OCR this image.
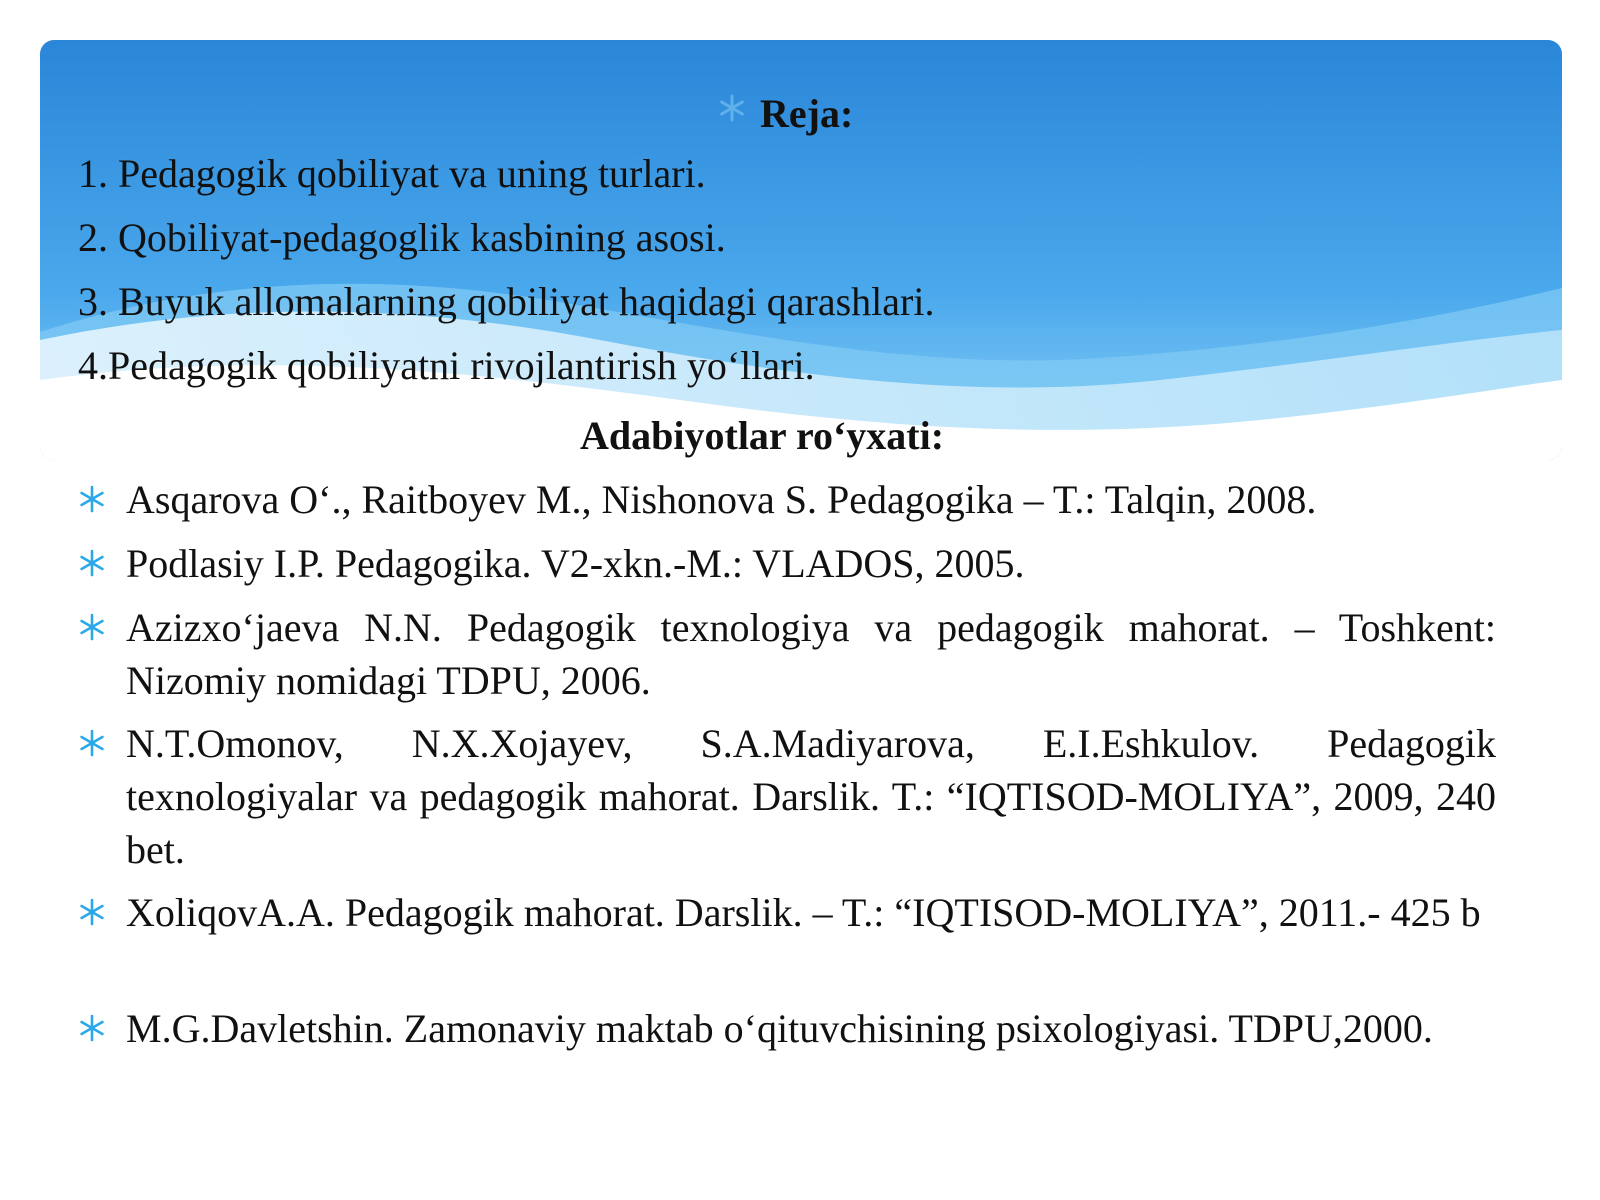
Reja:

1. Pedagogik qobiliyat va uning turlari.

2. Qobiliyat-pedagoglik kasbining asosi.

3. Buyuk allomalarning qobiliyat haqidagi qarashlari.

4.Pedagogik qobiliyatni rivojlantirish yo‘llari.

Adabiyotlar ro‘yxati:
Asqarova O‘., Raitboyev M., Nishonova S. Pedagogika – T.: Talqin, 2008.
Podlasiy I.P. Pedagogika. V2-xkn.-M.: VLADOS, 2005.
Azizxo‘jaeva N.N. Pedagogik texnologiya va pedagogik mahorat. – Toshkent: Nizomiy nomidagi TDPU, 2006.
N.T.Omonov, N.X.Xojayev, S.A.Madiyarova, E.I.Eshkulov. Pedagogik texnologiyalar va pedagogik mahorat. Darslik. T.: “IQTISOD-MOLIYA”, 2009, 240 bet.
XoliqovA.A. Pedagogik mahorat. Darslik. – T.: “IQTISOD-MOLIYA”, 2011.- 425 b
M.G.Davletshin. Zamonaviy maktab o‘qituvchisining psixologiyasi. TDPU,2000.
